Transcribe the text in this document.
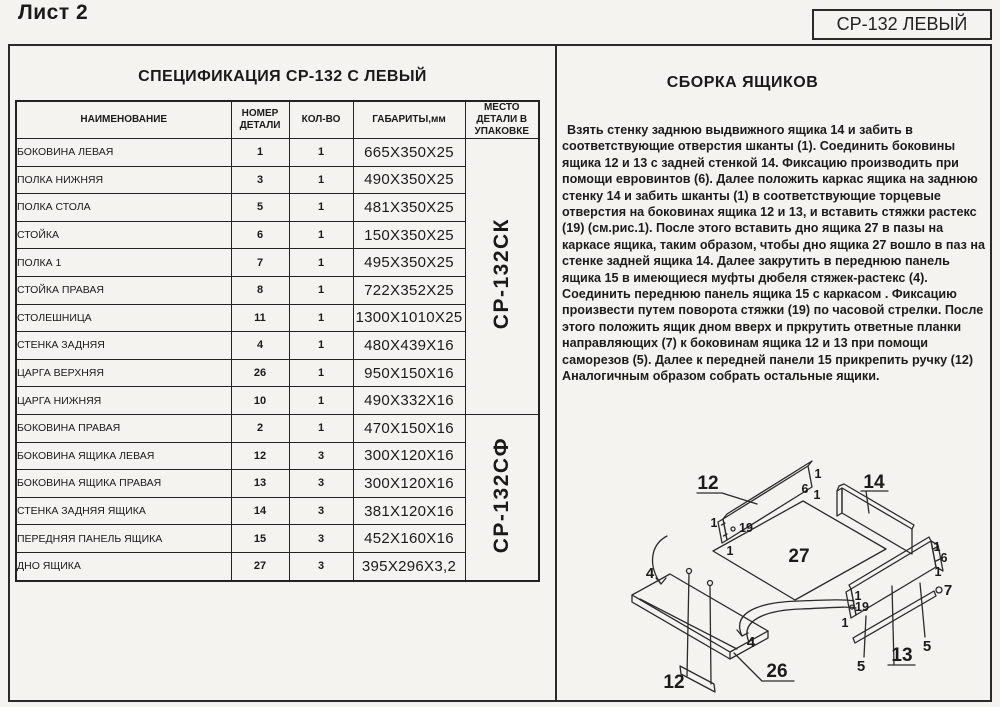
Лист 2	СР-132 ЛЕВЫЙ
СПЕЦИФИКАЦИЯ СР-132 С ЛЕВЫЙ
НАИМЕНОВАНИЕ	НОМЕР ДЕТАЛИ	КОЛ-ВО	ГАБАРИТЫ,мм	МЕСТО ДЕТАЛИ В УПАКОВКЕ
БОКОВИНА ЛЕВАЯ	1	1	665X350X25	СР-132СК
ПОЛКА НИЖНЯЯ	3	1	490X350X25	
ПОЛКА СТОЛА	5	1	481X350X25	
СТОЙКА	6	1	150X350X25	
ПОЛКА 1	7	1	495X350X25	
СТОЙКА ПРАВАЯ	8	1	722X352X25	
СТОЛЕШНИЦА	11	1	1300X1010X25	
СТЕНКА ЗАДНЯЯ	4	1	480X439X16	
ЦАРГА ВЕРХНЯЯ	26	1	950X150X16	
ЦАРГА НИЖНЯЯ	10	1	490X332X16	
БОКОВИНА ПРАВАЯ	2	1	470X150X16	СР-132СФ
БОКОВИНА ЯЩИКА ЛЕВАЯ	12	3	300X120X16	
БОКОВИНА ЯЩИКА ПРАВАЯ	13	3	300X120X16	
СТЕНКА ЗАДНЯЯ ЯЩИКА	14	3	381X120X16	
ПЕРЕДНЯЯ ПАНЕЛЬ ЯЩИКА	15	3	452X160X16	
ДНО ЯЩИКА	27	3	395X296X3,2	
СБОРКА ЯЩИКОВ
Взять стенку заднюю выдвижного ящика 14 и забить в соответствующие отверстия шканты (1). Соединить боковины ящика 12 и 13 с задней стенкой 14. Фиксацию производить при помощи евровинтов (6). Далее положить каркас ящика на заднюю стенку 14 и забить шканты (1) в соответствующие торцевые отверстия на боковинах ящика 12 и 13, и вставить стяжки растекс (19) (см.рис.1). После этого вставить дно ящика 27 в пазы на каркасе ящика, таким образом, чтобы дно ящика 27 вошло в паз на стенке задней ящика 14. Далее закрутить в переднюю панель ящика 15 в имеющиеся муфты дюбеля стяжек-растекс (4). Соединить переднюю панель ящика 15 с каркасом . Фиксацию произвести путем поворота стяжки (19) по часовой стрелки. После этого положить ящик дном вверх и пркрутить ответные планки направляющих (7) к боковинам ящика 12 и 13 при помощи саморезов (5). Далее к передней панели 15 прикрепить ручку (12) Аналогичным образом собрать остальные ящики.
12	14
27
26
13
12
4
4	5
5
7
1
6 1
1 19
1	1
6
1
1
19
1
